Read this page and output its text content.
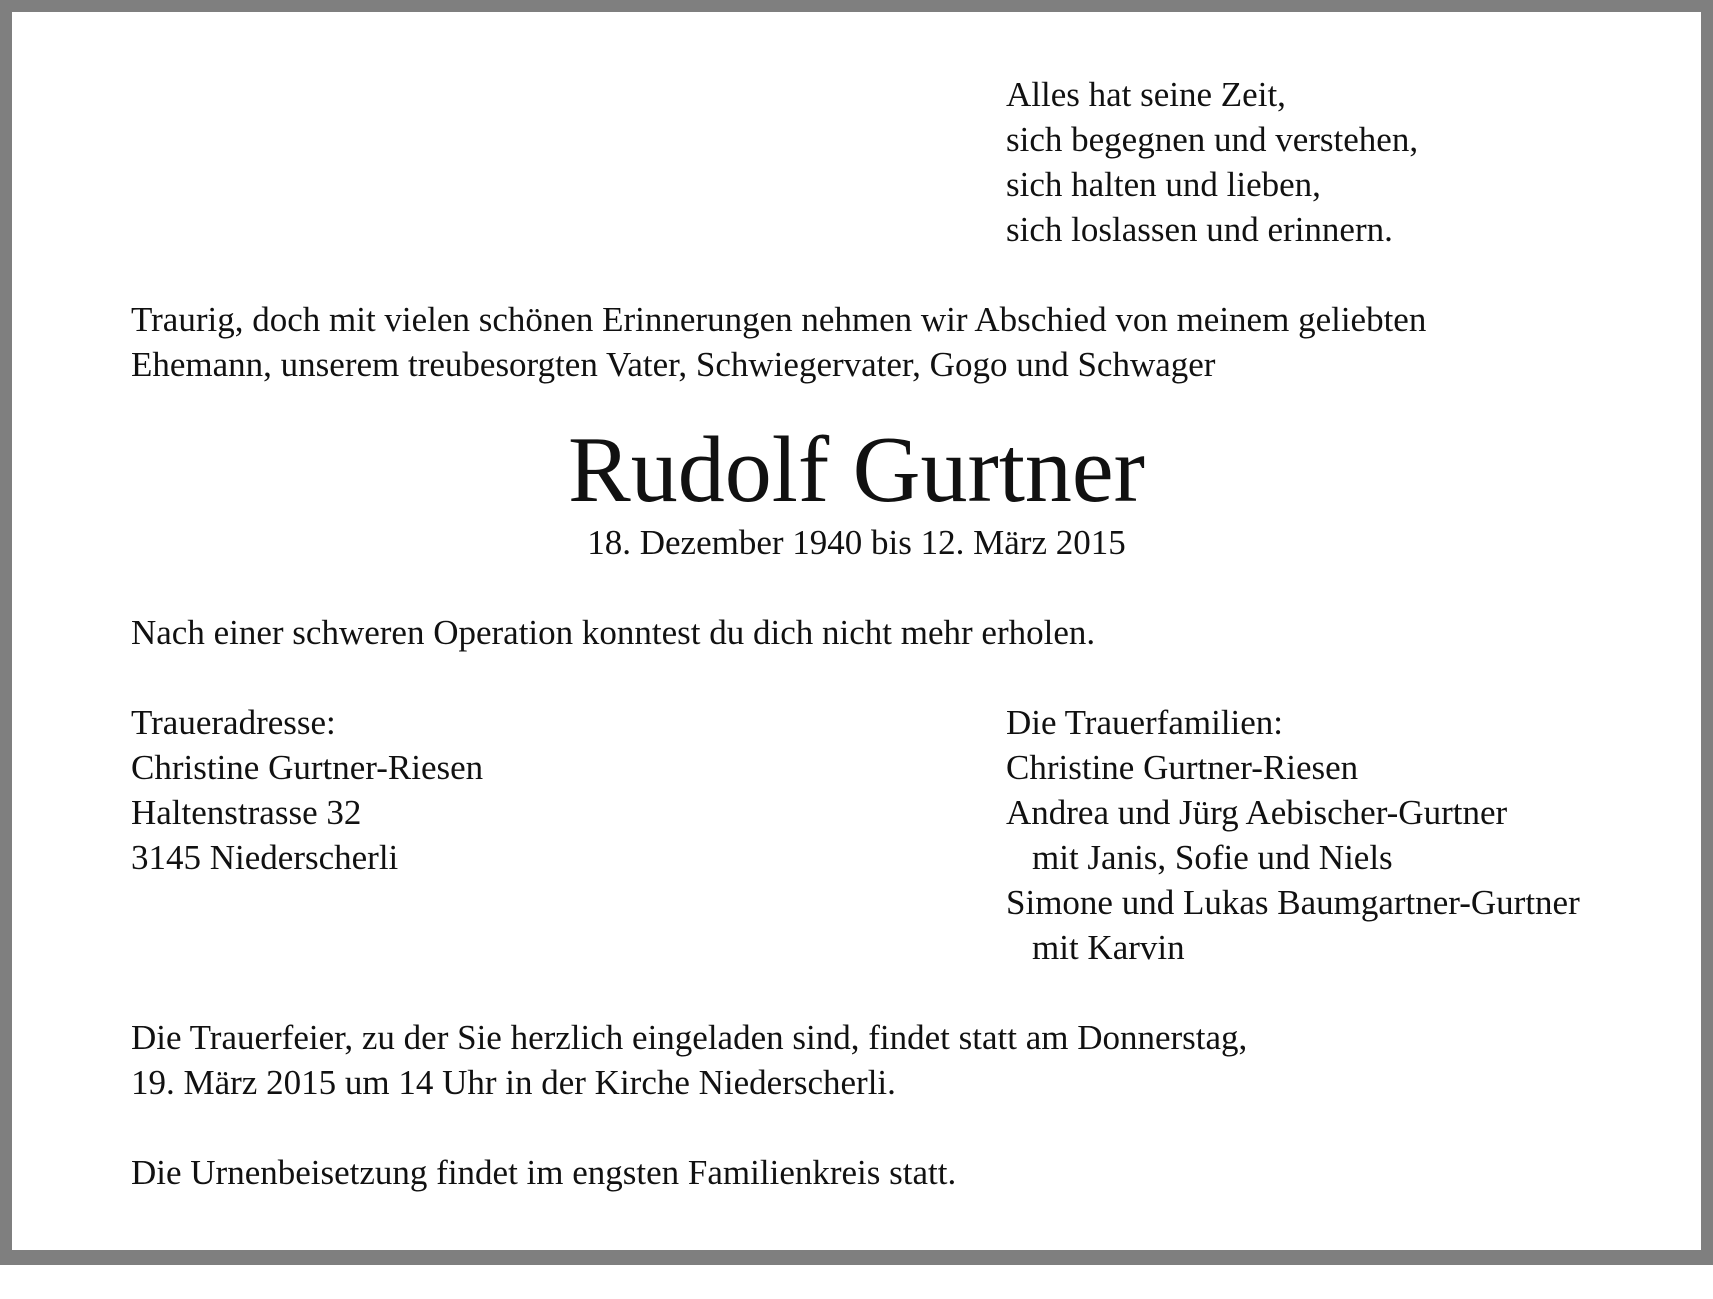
Alles hat seine Zeit,
sich begegnen und verstehen,
sich halten und lieben,
sich loslassen und erinnern.
Traurig, doch mit vielen schönen Erinnerungen nehmen wir Abschied von meinem geliebten
Ehemann, unserem treubesorgten Vater, Schwiegervater, Gogo und Schwager
Rudolf Gurtner
18. Dezember 1940 bis 12. März 2015
Nach einer schweren Operation konntest du dich nicht mehr erholen.
Traueradresse:
Christine Gurtner-Riesen
Haltenstrasse 32
3145 Niederscherli
Die Trauerfamilien:
Christine Gurtner-Riesen
Andrea und Jürg Aebischer-Gurtner
mit Janis, Sofie und Niels
Simone und Lukas Baumgartner-Gurtner
mit Karvin
Die Trauerfeier, zu der Sie herzlich eingeladen sind, findet statt am Donnerstag,
19. März 2015 um 14 Uhr in der Kirche Niederscherli.
Die Urnenbeisetzung findet im engsten Familienkreis statt.
